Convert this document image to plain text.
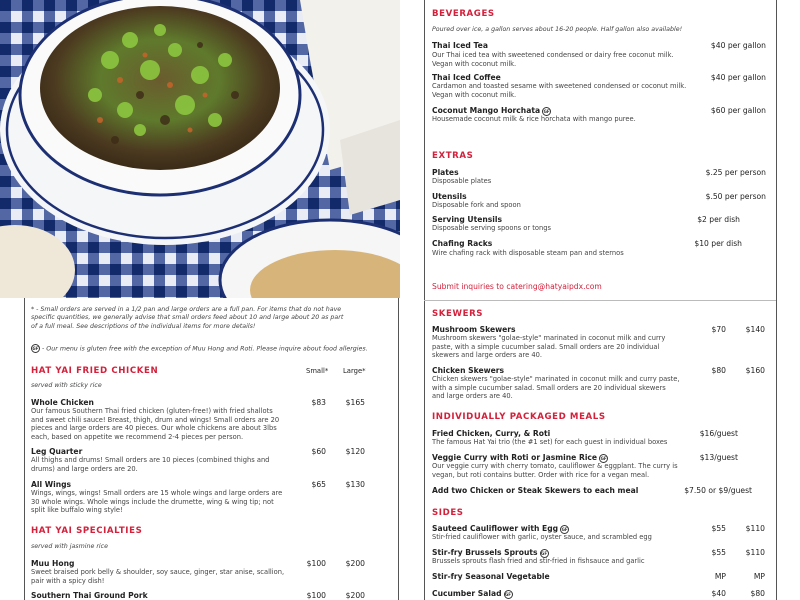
BEVERAGES
Poured over ice, a gallon serves about 16-20 people. Half gallon also available!
Thai Iced Tea	$40 per gallon
Our Thai iced tea with sweetened condensed or dairy free coconut milk. Vegan with coconut milk.
Thai Iced Coffee	$40 per gallon
Cardamon and toasted sesame with sweetened condensed or coconut milk. Vegan with coconut milk.
Coconut Mango Horchata GF	$60 per gallon
Housemade coconut milk & rice horchata with mango puree.
EXTRAS
Plates	$.25 per person
Disposable plates
Utensils	$.50 per person
Disposable fork and spoon
Serving Utensils	$2 per dish
Disposable serving spoons or tongs
Chafing Racks	$10 per dish
Wire chafing rack with disposable steam pan and sternos
Submit inquiries to catering@hatyaipdx.com
* - Small orders are served in a 1/2 pan and large orders are a full pan. For items that do not have specific quantities, we generally advise that small orders feed about 10 and large about 20 as part of a full meal. See descriptions of the individual items for more details!
GF - Our menu is gluten free with the exception of Muu Hong and Roti. Please inquire about food allergies.
HAT YAI FRIED CHICKEN	Small* Large*
served with sticky rice
Whole Chicken	$83	$165
Our famous Southern Thai fried chicken (gluten-free!) with fried shallots and sweet chili sauce! Breast, thigh, drum and wings! Small orders are 20 pieces and large orders are 40 pieces. Our whole chickens are about 3lbs each, based on appetite we recommend 2-4 pieces per person.
Leg Quarter	$60	$120
All thighs and drums! Small orders are 10 pieces (combined thighs and drums) and large orders are 20.
All Wings	$65	$130
Wings, wings, wings! Small orders are 15 whole wings and large orders are 30 whole wings. Whole wings include the drumette, wing & wing tip; not split like buffalo wing style!
HAT YAI SPECIALTIES
served with jasmine rice
Muu Hong	$100	$200
Sweet braised pork belly & shoulder, soy sauce, ginger, star anise, scallion, pair with a spicy dish!
Southern Thai Ground Pork	$100	$200
SKEWERS
Mushroom Skewers	$70	$140
Mushroom skewers "golae-style" marinated in coconut milk and curry paste, with a simple cucumber salad. Small orders are 20 individual skewers and large orders are 40.
Chicken Skewers	$80	$160
Chicken skewers "golae-style" marinated in coconut milk and curry paste, with a simple cucumber salad. Small orders are 20 individual skewers and large orders are 40.
INDIVIDUALLY PACKAGED MEALS
Fried Chicken, Curry, & Roti	$16/guest
The famous Hat Yai trio (the #1 set) for each guest in individual boxes
Veggie Curry with Roti or Jasmine Rice GF	$13/guest
Our veggie curry with cherry tomato, cauliflower & eggplant. The curry is vegan, but roti contains butter. Order with rice for a vegan meal.
Add two Chicken or Steak Skewers to each meal	$7.50 or $9/guest
SIDES
Sauteed Cauliflower with Egg GF	$55	$110
Stir-fried cauliflower with garlic, oyster sauce, and scrambled egg
Stir-fry Brussels Sprouts GF	$55	$110
Brussels sprouts flash fried and stir-fried in fishsauce and garlic
Stir-fry Seasonal Vegetable	MP	MP
Cucumber Salad GF	$40	$80
